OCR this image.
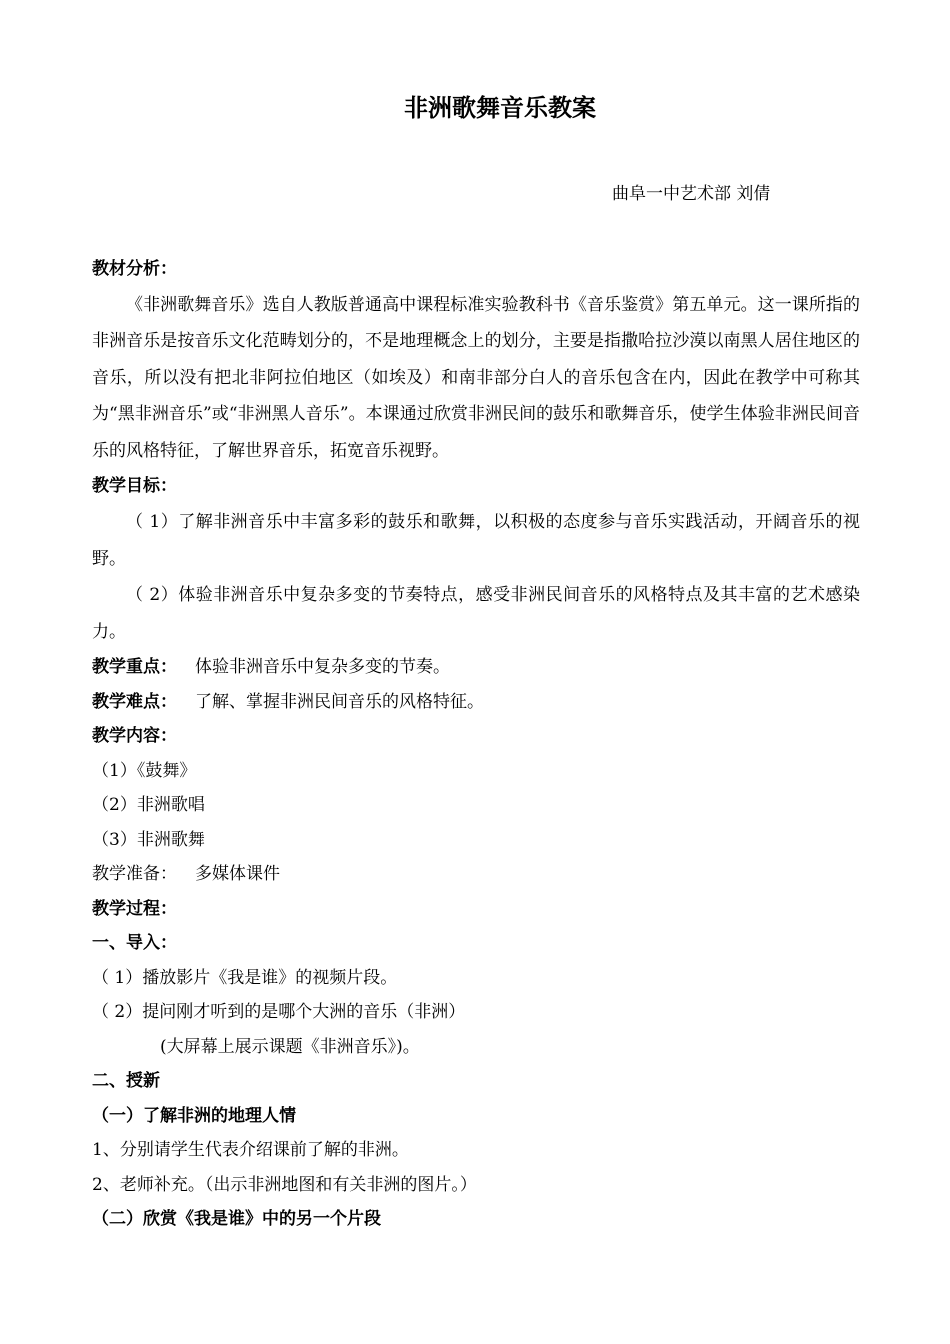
非洲歌舞音乐教案
曲阜一中艺术部 刘倩

教材分析：

《非洲歌舞音乐》选自人教版普通高中课程标准实验教科书《音乐鉴赏》第五单元。这一课所指的非洲音乐是按音乐文化范畴划分的，不是地理概念上的划分，主要是指撒哈拉沙漠以南黑人居住地区的音乐，所以没有把北非阿拉伯地区（如埃及）和南非部分白人的音乐包含在内，因此在教学中可称其为“黑非洲音乐”或“非洲黑人音乐”。本课通过欣赏非洲民间的鼓乐和歌舞音乐，使学生体验非洲民间音乐的风格特征，了解世界音乐，拓宽音乐视野。

教学目标：

（ 1）了解非洲音乐中丰富多彩的鼓乐和歌舞，以积极的态度参与音乐实践活动，开阔音乐的视野。

（ 2）体验非洲音乐中复杂多变的节奏特点，感受非洲民间音乐的风格特点及其丰富的艺术感染力。

教学重点： 体验非洲音乐中复杂多变的节奏。

教学难点： 了解、掌握非洲民间音乐的风格特征。

教学内容：

（1）《鼓舞》

（2）非洲歌唱

（3）非洲歌舞

教学准备： 多媒体课件

教学过程：

一、导入：

（ 1）播放影片《我是谁》的视频片段。

（ 2）提问刚才听到的是哪个大洲的音乐（非洲）

(大屏幕上展示课题《非洲音乐》)。

二、授新

（一）了解非洲的地理人情

1、分别请学生代表介绍课前了解的非洲。

2、老师补充。（出示非洲地图和有关非洲的图片。）

（二）欣赏《我是谁》中的另一个片段
